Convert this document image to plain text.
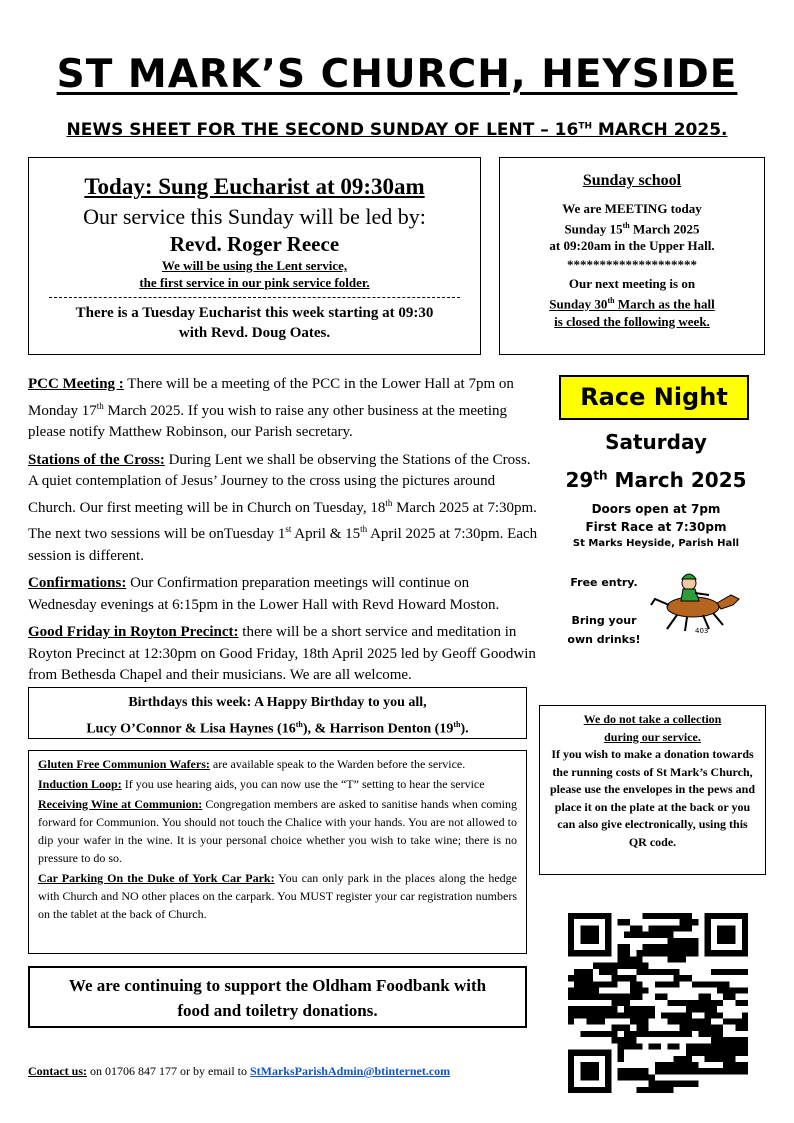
ST MARK’S CHURCH, HEYSIDE
NEWS SHEET FOR THE SECOND SUNDAY OF LENT – 16TH MARCH 2025.
Today: Sung Eucharist at 09:30am
Our service this Sunday will be led by:
Revd. Roger Reece
We will be using the Lent service,
the first service in our pink service folder.
There is a Tuesday Eucharist this week starting at 09:30
with Revd. Doug Oates.
Sunday school
We are MEETING today
Sunday 15th March 2025
at 09:20am in the Upper Hall.
********************
Our next meeting is on
Sunday 30th March as the hall
is closed the following week.

PCC Meeting : There will be a meeting of the PCC in the Lower Hall at 7pm on Monday 17th March 2025. If you wish to raise any other business at the meeting please notify Matthew Robinson, our Parish secretary.

Stations of the Cross: During Lent we shall be observing the Stations of the Cross. A quiet contemplation of Jesus’ Journey to the cross using the pictures around Church. Our first meeting will be in Church on Tuesday, 18th March 2025 at 7:30pm. The next two sessions will be onTuesday 1st April & 15th April 2025 at 7:30pm. Each session is different.

Confirmations: Our Confirmation preparation meetings will continue on Wednesday evenings at 6:15pm in the Lower Hall with Revd Howard Moston.

Good Friday in Royton Precinct: there will be a short service and meditation in Royton Precinct at 12:30pm on Good Friday, 18th April 2025 led by Geoff Goodwin from Bethesda Chapel and their musicians. We are all welcome.

Race Night
Saturday
29th March 2025
Doors open at 7pm
First Race at 7:30pm
St Marks Heyside, Parish Hall
Free entry.

Bring your
own drinks!
403
Birthdays this week: A Happy Birthday to you all,
Lucy O’Connor & Lisa Haynes (16th), & Harrison Denton (19th).
We do not take a collection
during our service.
If you wish to make a donation towards the running costs of St Mark’s Church, please use the envelopes in the pews and place it on the plate at the back or you can also give electronically, using this QR code.

Gluten Free Communion Wafers: are available speak to the Warden before the service.

Induction Loop: If you use hearing aids, you can now use the “T” setting to hear the service

Receiving Wine at Communion: Congregation members are asked to sanitise hands when coming forward for Communion. You should not touch the Chalice with your hands. You are not allowed to dip your wafer in the wine. It is your personal choice whether you wish to take wine; there is no pressure to do so.

Car Parking On the Duke of York Car Park: You can only park in the places along the hedge with Church and NO other places on the carpark. You MUST register your car registration numbers on the tablet at the back of Church.

We are continuing to support the Oldham Foodbank with
food and toiletry donations.
Contact us: on 01706 847 177 or by email to StMarksParishAdmin@btinternet.com
